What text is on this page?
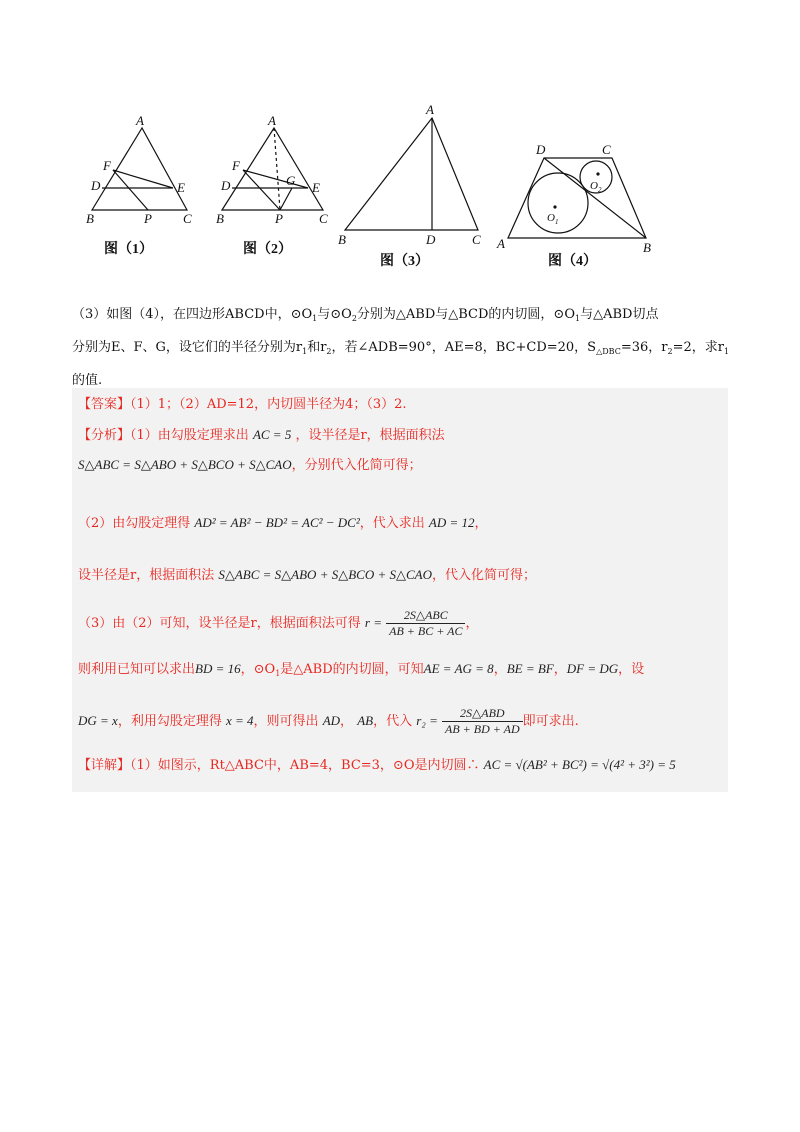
A
F
D	E
B	P C
A
F
D	G E
B	P	C
A
B	D	C
D	C
O 2
O 1
A	B
图（1）	图（2）
图（3）	图（4）
（3）如图（4），在四边形ABCD中，$⊙O_1$与$⊙O_2$分别为△ABD与△BCD的内切圆，$⊙O_1$与△ABD切点
分别为E、F、G，设它们的半径分别为$r_1$和$r_2$，若∠ADB=90°，AE=8，BC+CD=20，$S_{\triangle DBC}=36$，$r_2=2$，求$r_1$
的值.
【答案】（1）1；（2）AD=12，内切圆半径为4；（3）2.
【分析】（1）由勾股定理求出 AC = 5 ，设半径是r，根据面积法
S△ABC = S△ABO + S△BCO + S△CAO，分别代入化简可得；
（2）由勾股定理得 AD² = AB² − BD² = AC² − DC²，代入求出 AD = 12，
设半径是r，根据面积法 S△ABC = S△ABO + S△BCO + S△CAO，代入化简可得；
（3）由（2）可知，设半径是r，根据面积法可得 $r = \frac{\text{2S△ABC}}{AB + BC + AC}$ ，
则利用已知可以求出BD = 16，$⊙O_1$是△ABD的内切圆，可知AE = AG = 8，BE = BF，DF = DG，设
DG = x，利用勾股定理得 x = 4，则可得出 AD， AB，代入 $r_2 = \frac{\text{2S△ABD}}{AB + BD + AD}$ 即可求出.
【详解】（1）如图示，Rt△ABC中，AB=4，BC=3，⊙O是内切圆∴ AC = √(AB² + BC²) = √(4² + 3²) = 5
